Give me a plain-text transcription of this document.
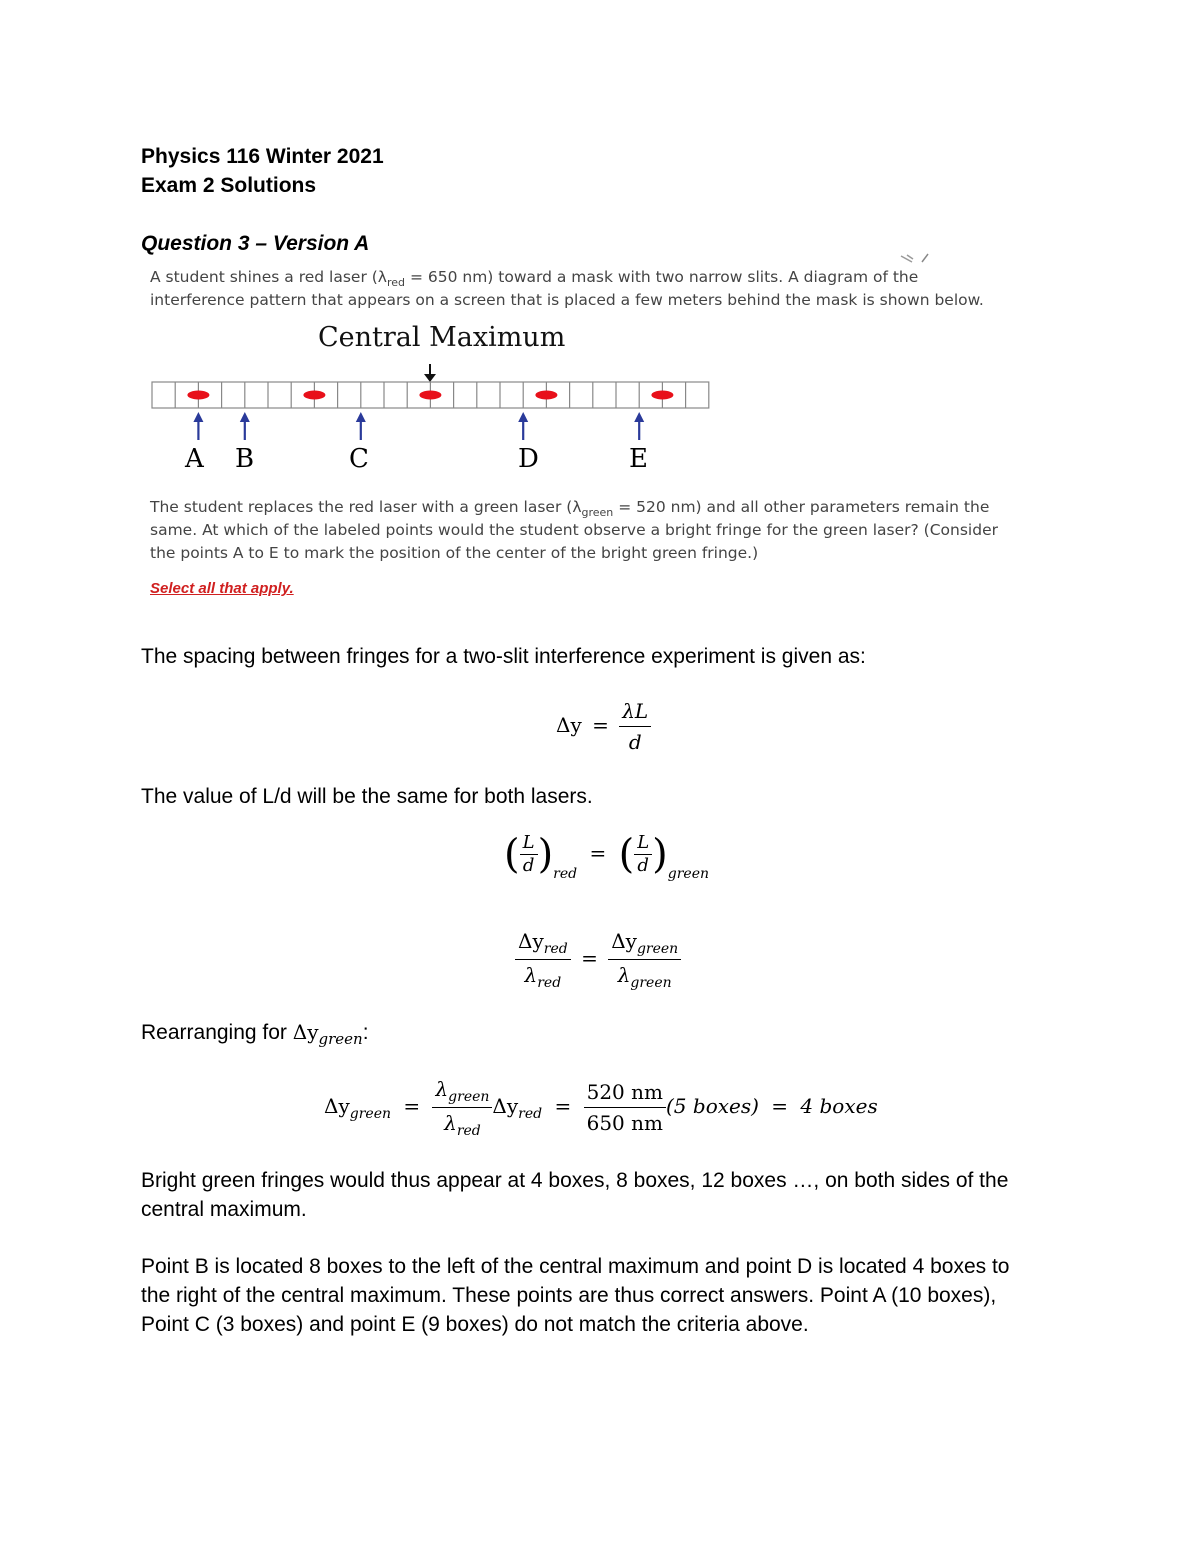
Physics 116 Winter 2021
Exam 2 Solutions
Question 3 – Version A
A student shines a red laser ($\lambda_{red} = 650$ nm) toward a mask with two narrow slits. A diagram of the
interference pattern that appears on a screen that is placed a few meters behind the mask is shown below.
Central Maximum
A B	C	D	E
The student replaces the red laser with a green laser ($\lambda_{green} = 520$ nm) and all other parameters remain the
same. At which of the labeled points would the student observe a bright fringe for the green laser? (Consider
the points A to E to mark the position of the center of the bright green fringe.)
Select all that apply.
The spacing between fringes for a two-slit interference experiment is given as:
$\Delta y = \frac{\lambda L}{d}$
The value of L/d will be the same for both lasers.
( $\frac{L}{d} )_{red}$ = ( $\frac{L}{d} )_{green}$
$\frac{\Delta y_{red}}{\lambda_{red}} = \frac{\Delta y_{green}}{\lambda_{green}}$
Rearranging for $\Delta y_{green}$:
$\Delta y_{green} = \frac{\lambda_{green}}{\lambda_{red}} \Delta y_{red} = \frac{520 nm}{650 nm} (5$ boxes) = 4 boxes
Bright green fringes would thus appear at 4 boxes, 8 boxes, 12 boxes …, on both sides of the
central maximum.
Point B is located 8 boxes to the left of the central maximum and point D is located 4 boxes to
the right of the central maximum. These points are thus correct answers. Point A (10 boxes),
Point C (3 boxes) and point E (9 boxes) do not match the criteria above.
